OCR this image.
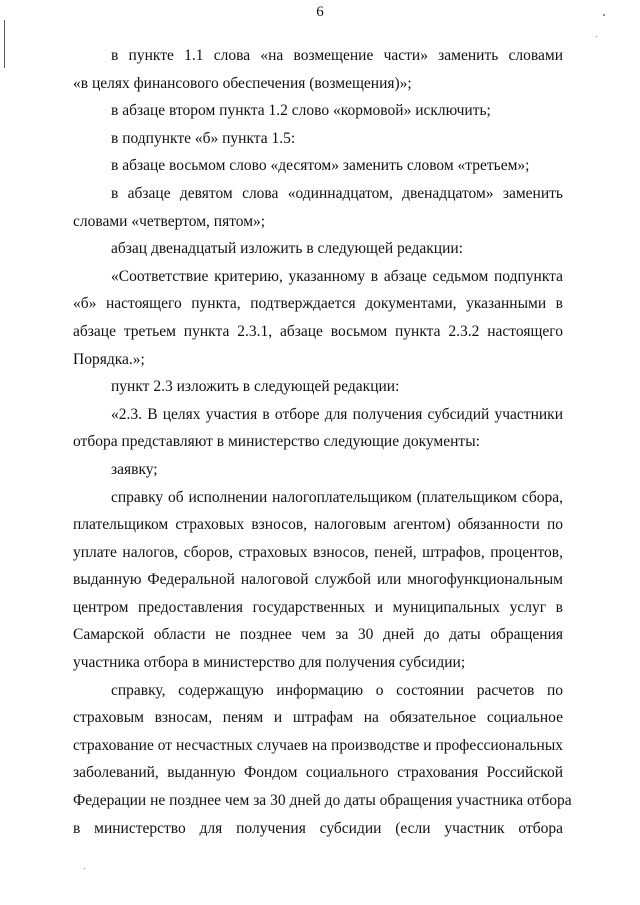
6
в пункте 1.1 слова «на возмещение части» заменить словами
«в целях финансового обеспечения (возмещения)»;
в абзаце втором пункта 1.2 слово «кормовой» исключить;
в подпункте «б» пункта 1.5:
в абзаце восьмом слово «десятом» заменить словом «третьем»;
в абзаце девятом слова «одиннадцатом, двенадцатом» заменить
словами «четвертом, пятом»;
абзац двенадцатый изложить в следующей редакции:
«Соответствие критерию, указанному в абзаце седьмом подпункта
«б» настоящего пункта, подтверждается документами, указанными в
абзаце третьем пункта 2.3.1, абзаце восьмом пункта 2.3.2 настоящего
Порядка.»;
пункт 2.3 изложить в следующей редакции:
«2.3. В целях участия в отборе для получения субсидий участники
отбора представляют в министерство следующие документы:
заявку;
справку об исполнении налогоплательщиком (плательщиком сбора,
плательщиком страховых взносов, налоговым агентом) обязанности по
уплате налогов, сборов, страховых взносов, пеней, штрафов, процентов,
выданную Федеральной налоговой службой или многофункциональным
центром предоставления государственных и муниципальных услуг в
Самарской области не позднее чем за 30 дней до даты обращения
участника отбора в министерство для получения субсидии;
справку, содержащую информацию о состоянии расчетов по
страховым взносам, пеням и штрафам на обязательное социальное
страхование от несчастных случаев на производстве и профессиональных
заболеваний, выданную Фондом социального страхования Российской
Федерации не позднее чем за 30 дней до даты обращения участника отбора
в министерство для получения субсидии (если участник отбора
